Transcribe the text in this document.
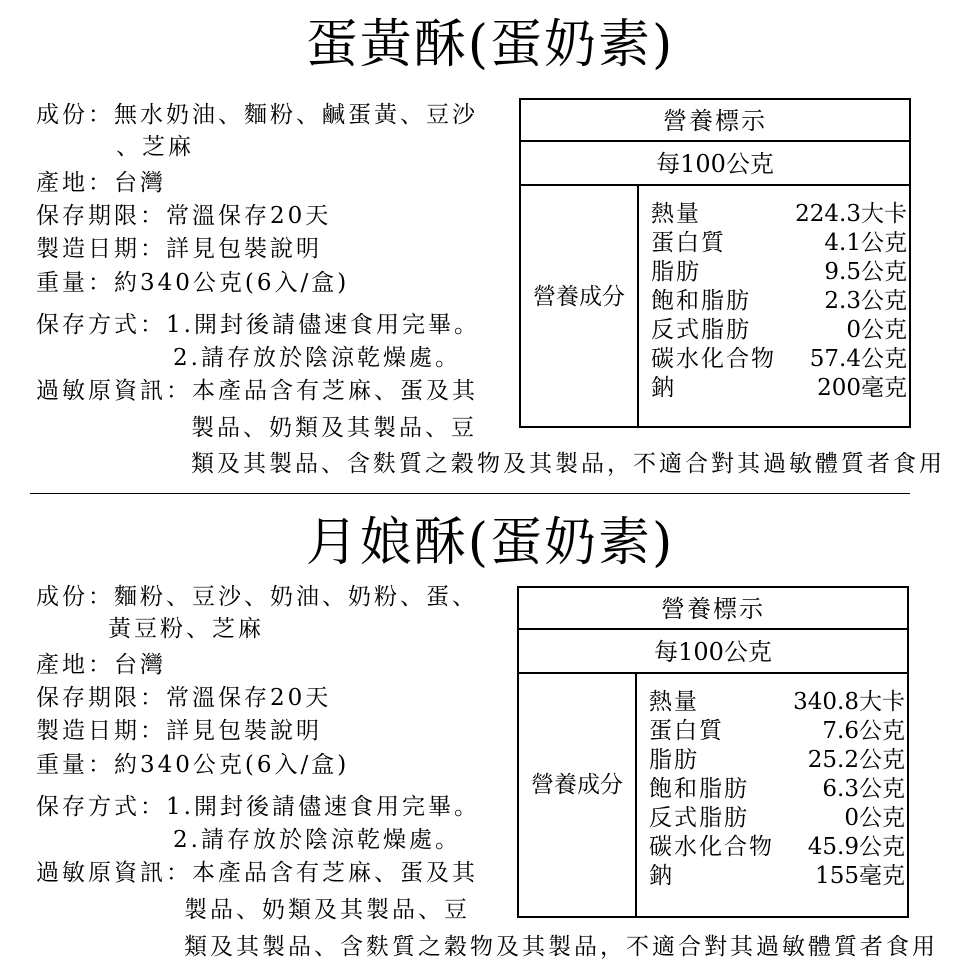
蛋黃酥(蛋奶素)
成份：無水奶油、麵粉、鹹蛋黃、豆沙
、芝麻
產地：台灣
保存期限：常溫保存20天
製造日期：詳見包裝說明
重量：約340公克(6入/盒)
保存方式：1.開封後請儘速食用完畢。
2.請存放於陰涼乾燥處。
過敏原資訊：本產品含有芝麻、蛋及其
製品、奶類及其製品、豆
類及其製品、含麩質之穀物及其製品，不適合對其過敏體質者食用
營養標示
每100公克
營養成分
熱量	224.3大卡
蛋白質	4.1公克
脂肪	9.5公克
飽和脂肪	2.3公克
反式脂肪	0公克
碳水化合物 57.4公克
鈉	200毫克
月娘酥(蛋奶素)
成份：麵粉、豆沙、奶油、奶粉、蛋、
黃豆粉、芝麻
產地：台灣
保存期限：常溫保存20天
製造日期：詳見包裝說明
重量：約340公克(6入/盒)
保存方式：1.開封後請儘速食用完畢。
2.請存放於陰涼乾燥處。
過敏原資訊：本產品含有芝麻、蛋及其
製品、奶類及其製品、豆
類及其製品、含麩質之穀物及其製品，不適合對其過敏體質者食用
營養標示
每100公克
營養成分
熱量	340.8大卡
蛋白質	7.6公克
脂肪	25.2公克
飽和脂肪	6.3公克
反式脂肪	0公克
碳水化合物 45.9公克
鈉	155毫克
